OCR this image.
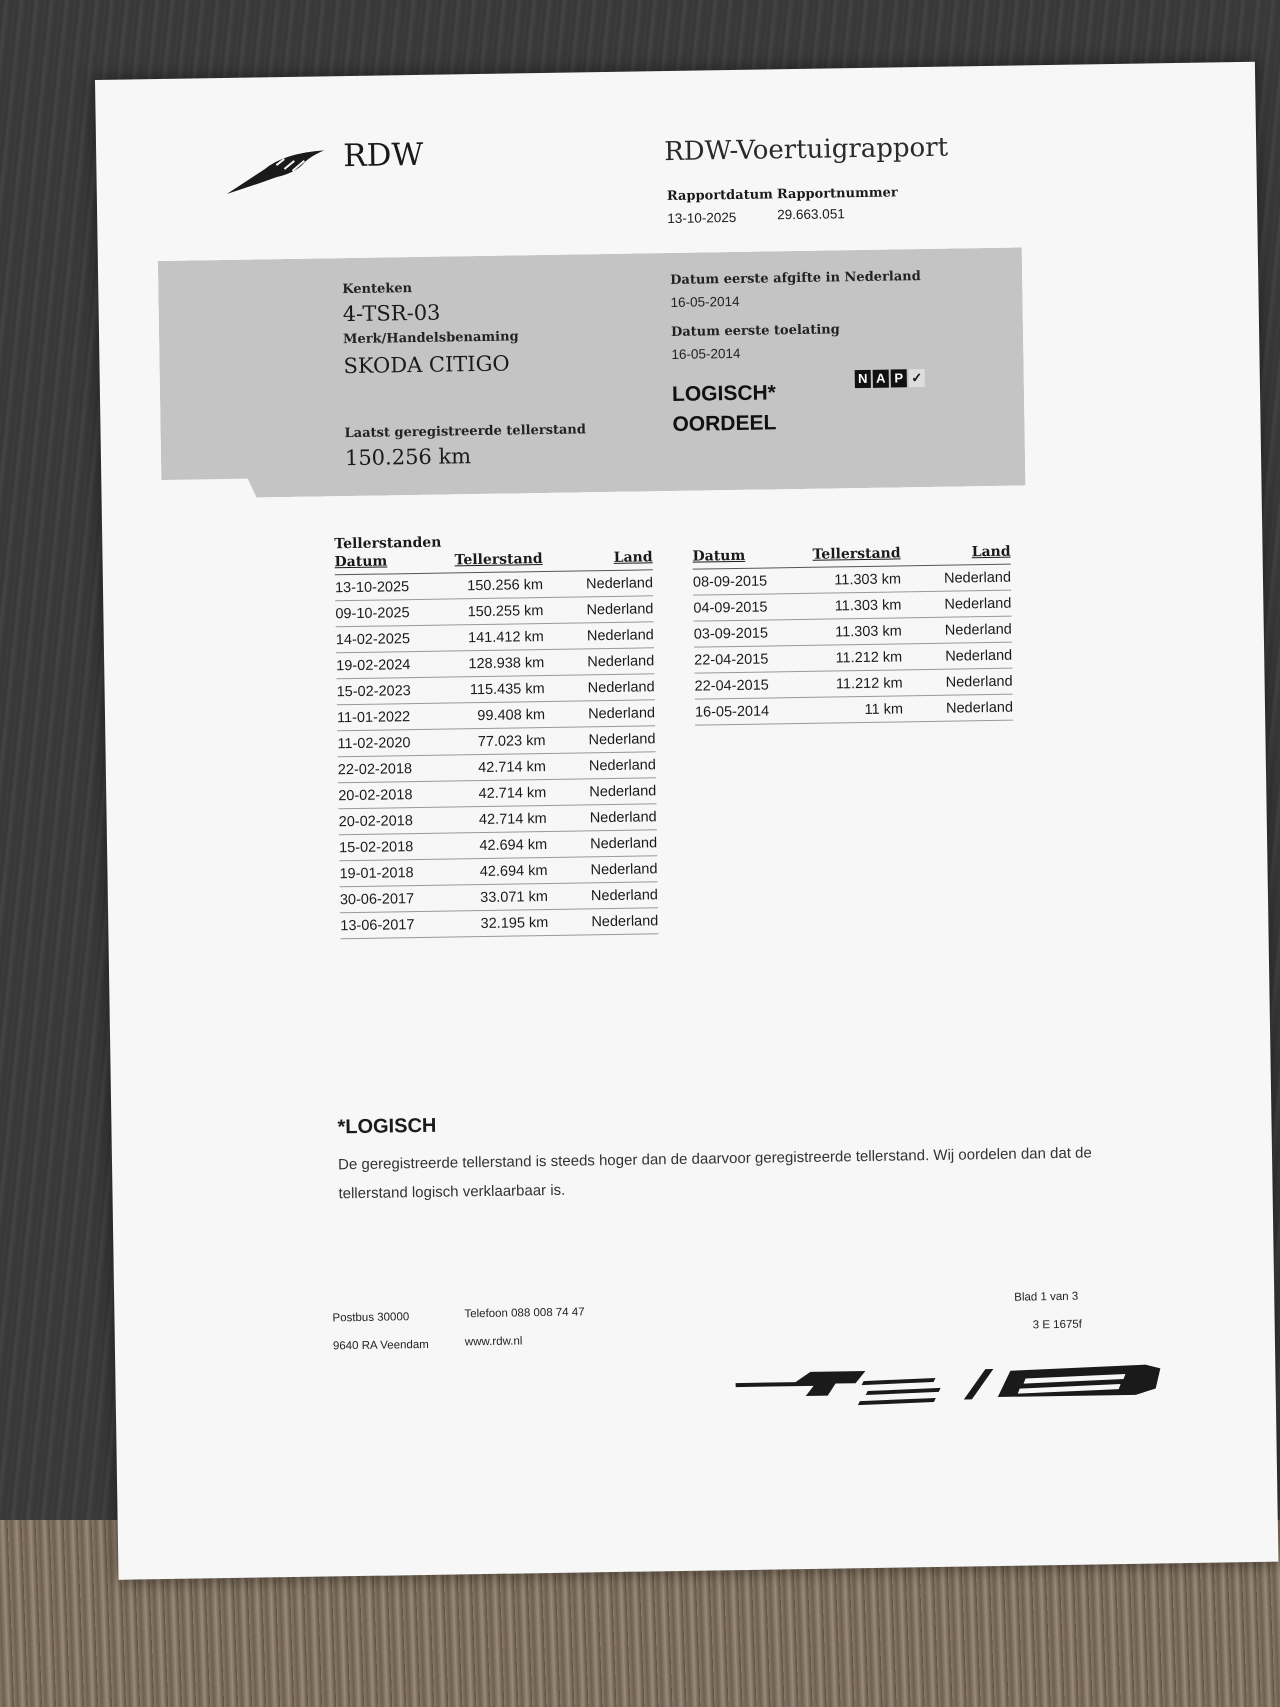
RDW	RDW-Voertuigrapport
Rapportdatum
13-10-2025
Rapportnummer
29.663.051
Kenteken
4-TSR-03
Merk/Handelsbenaming
SKODA CITIGO
Laatst geregistreerde tellerstand
150.256 km
Datum eerste afgifte in Nederland
16-05-2014
Datum eerste toelating
16-05-2014
LOGISCH*
OORDEEL
N A P ✓
Tellerstanden
Datum	Tellerstand	Land
13-10-2025	150.256 km	Nederland
09-10-2025	150.255 km	Nederland
14-02-2025	141.412 km	Nederland
19-02-2024	128.938 km	Nederland
15-02-2023	115.435 km	Nederland
11-01-2022	99.408 km	Nederland
11-02-2020	77.023 km	Nederland
22-02-2018	42.714 km	Nederland
20-02-2018	42.714 km	Nederland
20-02-2018	42.714 km	Nederland
15-02-2018	42.694 km	Nederland
19-01-2018	42.694 km	Nederland
30-06-2017	33.071 km	Nederland
13-06-2017	32.195 km	Nederland
Datum	Tellerstand	Land
08-09-2015	11.303 km	Nederland
04-09-2015	11.303 km	Nederland
03-09-2015	11.303 km	Nederland
22-04-2015	11.212 km	Nederland
22-04-2015	11.212 km	Nederland
16-05-2014	11 km	Nederland
*LOGISCH
De geregistreerde tellerstand is steeds hoger dan de daarvoor geregistreerde tellerstand. Wij oordelen dan dat de tellerstand logisch verklaarbaar is.
Postbus 30000
9640 RA Veendam
Telefoon 088 008 74 47
www.rdw.nl
Blad 1 van 3
3 E 1675f
